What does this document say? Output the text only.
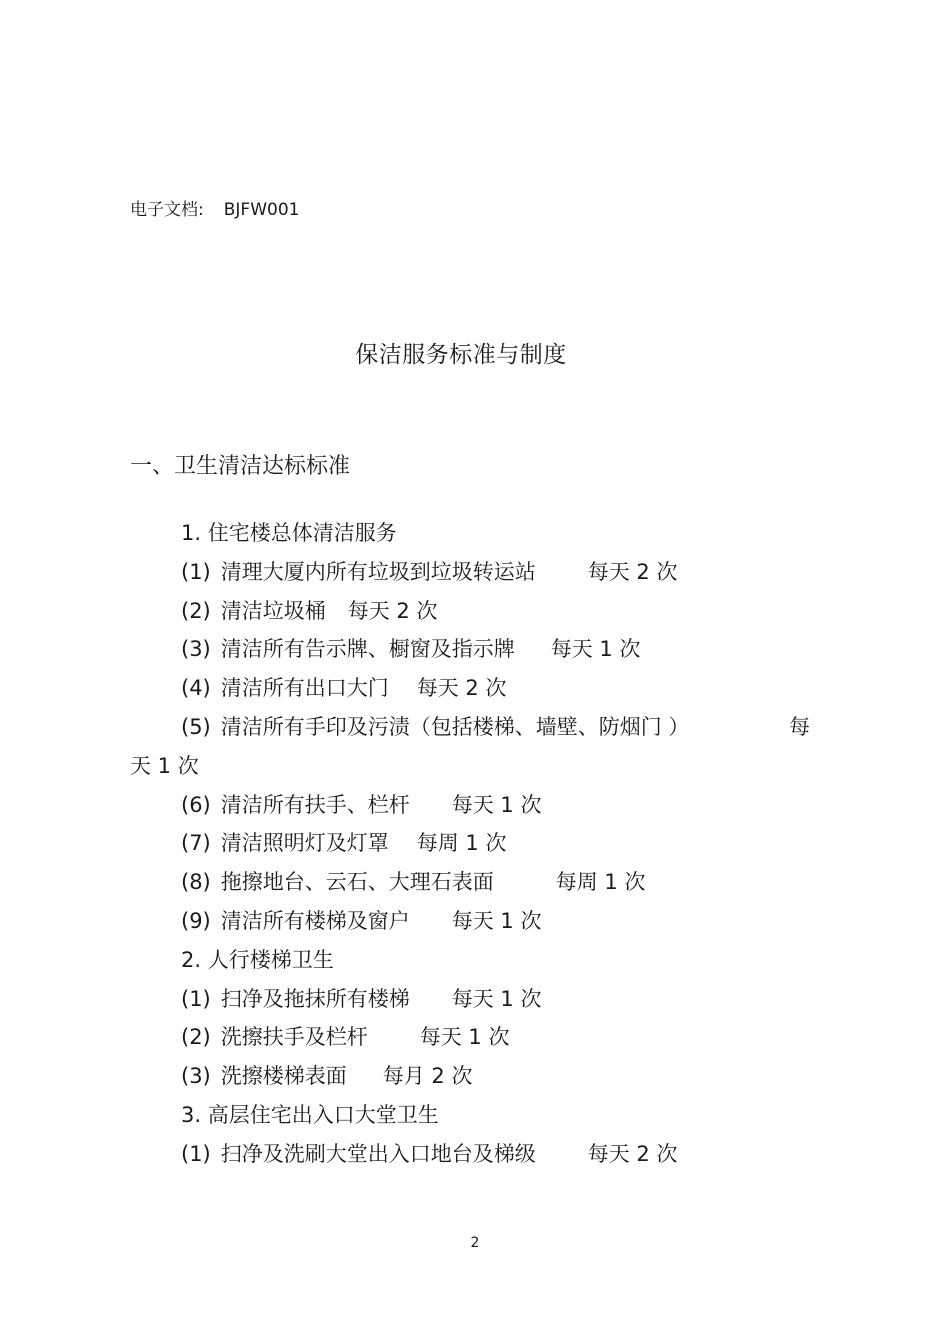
电子文档: BJFW001
保洁服务标准与制度
一、卫生清洁达标标准
1. 住宅楼总体清洁服务
(1) 清理大厦内所有垃圾到垃圾转运站 每天 2 次
(2) 清洁垃圾桶 每天 2 次
(3) 清洁所有告示牌、橱窗及指示牌 每天 1 次
(4) 清洁所有出口大门 每天 2 次
(5) 清洁所有手印及污渍（包括楼梯、墙壁、防烟门 ）	每
天 1 次
(6) 清洁所有扶手、栏杆 每天 1 次
(7) 清洁照明灯及灯罩 每周 1 次
(8) 拖擦地台、云石、大理石表面	每周 1 次
(9) 清洁所有楼梯及窗户 每天 1 次
2. 人行楼梯卫生
(1) 扫净及拖抹所有楼梯 每天 1 次
(2) 洗擦扶手及栏杆 每天 1 次
(3) 洗擦楼梯表面 每月 2 次
3. 高层住宅出入口大堂卫生
(1) 扫净及洗刷大堂出入口地台及梯级 每天 2 次
2
